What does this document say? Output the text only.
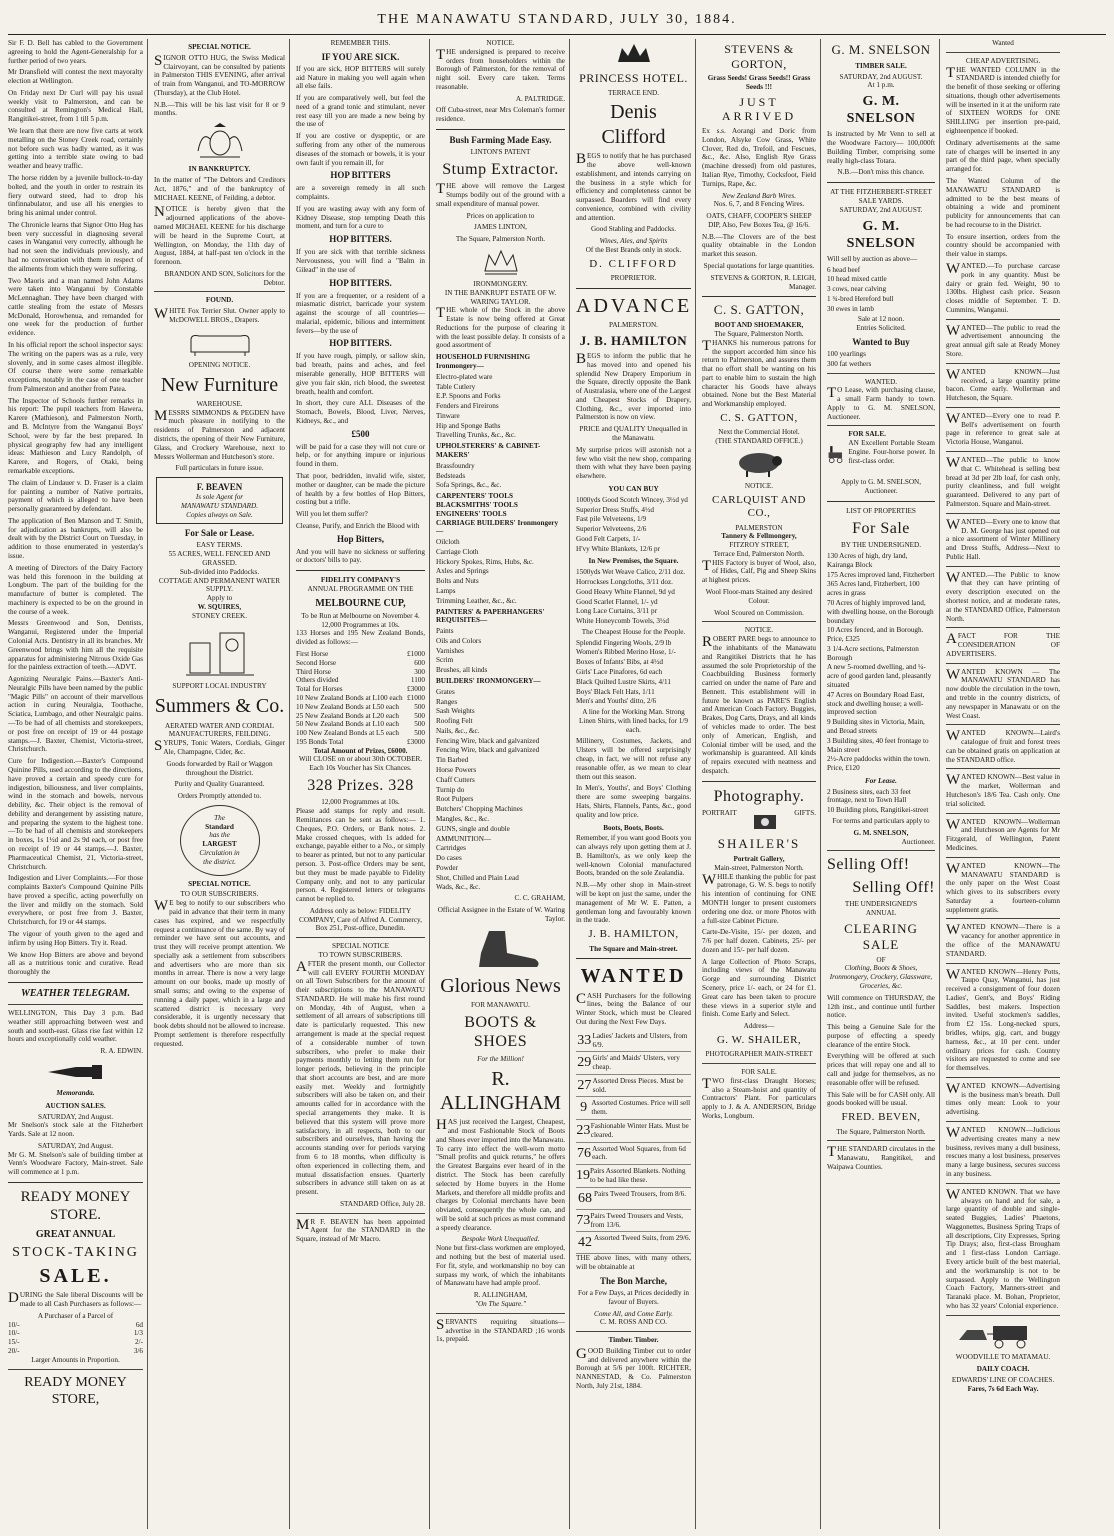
THE MANAWATU STANDARD, JULY 30, 1884.

Sir F. D. Bell has cabled to the Government agreeing to hold the Agent-Generalship for a further period of two years.

Mr Dransfield will contest the next mayoralty election at Wellington.

On Friday next Dr Curl will pay his usual weekly visit to Palmerston, and can be consulted at Remington's Medical Hall, Rangitikei-street, from 1 till 5 p.m.

We learn that there are now five carts at work metalling on the Stoney Creek road, certainly not before such was badly wanted, as it was getting into a terrible state owing to bad weather and heavy traffic.

The horse ridden by a juvenile bullock-to-day bolted, and the youth in order to restrain its fiery outward steed, had to drop his tinfinnabulator, and use all his energies to bring his animal under control.

The Chronicle learns that Signor Otto Hug has been very successful in diagnosing several cases in Wanganui very correctly, although he had not seen the individuals previously, and had no conversation with them in respect of the ailments from which they were suffering.

Two Maoris and a man named John Adams were taken into Wanganui by Constable McLennaghan. They have been charged with cattle stealing from the estate of Messrs McDonald, Horowhenua, and remanded for one week for the production of further evidence.

In his official report the school inspector says: The writing on the papers was as a rule, very slovenly, and in some cases almost illegible. Of course there were some remarkable exceptions, notably in the case of one teacher from Palmerston and another from Patea.

The Inspector of Schools further remarks in his report: The pupil teachers from Hawera, Karere (Mathieson), and Palmerston North, and B. McIntyre from the Wanganui Boys' School, were by far the best prepared. In physical geography few had any intelligent ideas: Mathieson and Lucy Randolph, of Karere, and Rogers, of Otaki, being remarkable exceptions.

The claim of Lindauer v. D. Fraser is a claim for painting a number of Native portraits, payment of which is alleged to have been personally guaranteed by defendant.

The application of Ben Manson and T. Smith, for adjudication as bankrupts, will also be dealt with by the District Court on Tuesday, in addition to those enumerated in yesterday's issue.

A meeting of Directors of the Dairy Factory was held this forenoon in the building at Longburn. The part of the building for the manufacture of butter is completed. The machinery is expected to be on the ground in the course of a week.

Messrs Greenwood and Son, Dentists, Wanganui, Registered under the Imperial Colonial Acts. Dentistry in all its branches. Mr Greenwood brings with him all the requisite apparatus for administering Nitrous Oxide Gas for the painless extraction of teeth.—ADVT.

Agonizing Neuralgic Pains.—Baxter's Anti-Neuralgic Pills have been named by the public "Magic Pills" on account of their marvellous action in curing Neuralgia, Toothache, Sciatica, Lumbago, and other Neuralgic pains.—To be had of all chemists and storekeepers, or post free on receipt of 19 or 44 postage stamps.—J. Baxter, Chemist, Victoria-street, Christchurch.

Cure for Indigestion.—Baxter's Compound Quinine Pills, used according to the directions, have proved a certain and speedy cure for indigestion, biliousness, and liver complaints, wind in the stomach and bowels, nervous debility, &c. Their object is the removal of debility and derangement by assisting nature, and preparing the system to the highest tone.—To be had of all chemists and storekeepers in boxes, 1s 1½d and 2s 9d each, or post free on receipt of 19 or 44 stamps.—J. Baxter, Pharmaceutical Chemist, 21, Victoria-street, Christchurch.

Indigestion and Liver Complaints.—For those complaints Baxter's Compound Quinine Pills have proved a specific, acting powerfully on the liver and mildly on the stomach. Sold everywhere, or post free from J. Baxter, Christchurch, for 19 or 44 stamps.

The vigour of youth given to the aged and infirm by using Hop Bitters. Try it. Read.

We know Hop Bitters are above and beyond all as a nutritious tonic and curative. Read thoroughly the

WEATHER TELEGRAM.

WELLINGTON, This Day 3 p.m. Bad weather still approaching between west and south and south-east. Glass rise fast within 12 hours and exceptionally cold weather.

R. A. EDWIN.

Memoranda.
AUCTION SALES.
SATURDAY, 2nd August.

Mr Snelson's stock sale at the Fitzherbert Yards. Sale at 12 noon.

SATURDAY, 2nd August.

Mr G. M. Snelson's sale of building timber at Venn's Woodware Factory, Main-street. Sale will commence at 1 p.m.

READY MONEY STORE.
GREAT ANNUAL
STOCK-TAKING
SALE.

DURING the Sale liberal Discounts will be made to all Cash Purchasers as follows:—

A Purchaser of a Parcel of
10/-	6d
10/-	1/3
15/-	2/-
20/-	3/6
Larger Amounts in Proportion.
READY MONEY STORE,
SPECIAL NOTICE.

SIGNOR OTTO HUG, the Swiss Medical Clairvoyant, can be consulted by patients in Palmerston THIS EVENING, after arrival of train from Wanganui, and TO-MORROW (Thursday), at the Club Hotel.

N.B.—This will be his last visit for 8 or 9 months.

IN BANKRUPTCY.

In the matter of "The Debtors and Creditors Act, 1876," and of the bankruptcy of MICHAEL KEENE, of Feilding, a debtor.

NOTICE is hereby given that the adjourned applications of the above-named MICHAEL KEENE for his discharge will be heard in the Supreme Court, at Wellington, on Monday, the 11th day of August, 1884, at half-past ten o'clock in the forenoon.

BRANDON AND SON, Solicitors for the Debtor.

FOUND.

WHITE Fox Terrier Slut. Owner apply to McDOWELL BROS., Drapers.

OPENING NOTICE.
New Furniture
WAREHOUSE.

MESSRS SIMMONDS & PEGDEN have much pleasure in notifying to the residents of Palmerston and adjacent districts, the opening of their New Furniture, Glass, and Crockery Warehouse, next to Messrs Wollerman and Hutcheson's store.

Full particulars in future issue.

F. BEAVEN
Is sole Agent for
MANAWATU STANDARD.
Copies always on Sale.
For Sale or Lease.
EASY TERMS.
55 ACRES, WELL FENCED AND GRASSED.
Sub-divided into Paddocks.
COTTAGE AND PERMANENT WATER SUPPLY.
Apply to
W. SQUIRES,
STONEY CREEK.
SUPPORT LOCAL INDUSTRY
Summers & Co.
AERATED WATER AND CORDIAL MANUFACTURERS, FEILDING.

SYRUPS, Tonic Waters, Cordials, Ginger Ale, Champagne, Cider, &c.

Goods forwarded by Rail or Waggon throughout the District.

Purity and Quality Guaranteed.

Orders Promptly attended to.

The
Standard
has the
LARGEST
Circulation in
the district.
SPECIAL NOTICE.
TO OUR SUBSCRIBERS.

WE beg to notify to our subscribers who paid in advance that their term in many cases has expired, and we respectfully request a continuance of the same. By way of reminder we have sent out accounts, and trust they will receive prompt attention. We specially ask a settlement from subscribers and advertisers who are more than six months in arrear. There is now a very large amount on our books, made up mostly of small sums; and owing to the expense of running a daily paper, which in a large and scattered district is necessary very considerable, it is urgently necessary that book debts should not be allowed to increase. Prompt settlement is therefore respectfully requested.

REMEMBER THIS.
IF YOU ARE SICK.

If you are sick, HOP BITTERS will surely aid Nature in making you well again when all else fails.

If you are comparatively well, but feel the need of a grand tonic and stimulant, never rest easy till you are made a new being by the use of

If you are costive or dyspeptic, or are suffering from any other of the numerous diseases of the stomach or bowels, it is your own fault if you remain ill, for

HOP BITTERS

are a sovereign remedy in all such complaints.

If you are wasting away with any form of Kidney Disease, stop tempting Death this moment, and turn for a cure to

HOP BITTERS.

If you are sick with that terrible sickness Nervousness, you will find a "Balm in Gilead" in the use of

HOP BITTERS.

If you are a frequenter, or a resident of a miasmatic district, barricade your system against the scourge of all countries—malarial, epidemic, bilious and intermittent fevers—by the use of

HOP BITTERS.

If you have rough, pimply, or sallow skin, bad breath, pains and aches, and feel miserable generally, HOP BITTERS will give you fair skin, rich blood, the sweetest breath, health and comfort.

In short, they cure ALL Diseases of the Stomach, Bowels, Blood, Liver, Nerves, Kidneys, &c., and

£500

will be paid for a case they will not cure or help, or for anything impure or injurious found in them.

That poor, bedridden, invalid wife, sister, mother or daughter, can be made the picture of health by a few bottles of Hop Bitters, costing but a trifle.

Will you let them suffer?

Cleanse, Purify, and Enrich the Blood with

Hop Bitters,

And you will have no sickness or suffering or doctors' bills to pay.

FIDELITY COMPANY'S
ANNUAL PROGRAMME ON THE
MELBOURNE CUP,
To be Run at Melbourne on November 4.
12,000 Programmes at 10s.

133 Horses and 195 New Zealand Bonds, divided as follows:—

First Horse	£1000
Second Horse	600
Third Horse	300
Others divided	1100
Total for Horses	£3000
10 New Zealand Bonds at L100 each £1000
10 New Zealand Bonds at L50 each 500
25 New Zealand Bonds at L20 each 500
50 New Zealand Bonds at L10 each 500
100 New Zealand Bonds at L5 each 500
195 Bonds Total	£3000
Total Amount of Prizes, £6000.
Will CLOSE on or about 30th OCTOBER.
Each 10s Voucher has Six Chances.
328 Prizes. 328
12,000 Programmes at 10s.

Please add stamps for reply and result. Remittances can be sent as follows:— 1. Cheques, P.O. Orders, or Bank notes. 2. Make crossed cheques, with 1s added for exchange, payable either to a No., or simply to bearer as printed, but not to any particular person. 3. Post-office Orders may be sent, but they must be made payable to Fidelity Company only, and not to any particular person. 4. Registered letters or telegrams cannot be replied to.

Address only as below: FIDELITY COMPANY, Care of Alfred A. Commercy, Box 251, Post-office, Dunedin.

SPECIAL NOTICE
TO TOWN SUBSCRIBERS.

AFTER the present month, our Collector will call EVERY FOURTH MONDAY on all Town Subscribers for the amount of their subscriptions to the MANAWATU STANDARD. He will make his first round on Monday, 4th of August, when a settlement of all arrears of subscriptions till date is particularly requested. This new arrangement is made at the special request of a considerable number of town subscribers, who prefer to make their payments monthly to letting them run for longer periods, believing in the principle that short accounts are best, and are more easily met. Weekly and fortnightly subscribers will also be taken on, and their amounts called for in accordance with the special arrangements they make. It is believed that this system will prove more satisfactory, in all respects, both to our subscribers and ourselves, than having the accounts standing over for periods varying from 6 to 18 months, when difficulty is often experienced in collecting them, and mutual dissatisfaction ensues. Quarterly subscribers in advance still taken on as at present.

STANDARD Office, July 28.

MR F. BEAVEN has been appointed Agent for the STANDARD in the Square, instead of Mr Macro.

NOTICE.

THE undersigned is prepared to receive orders from householders within the Borough of Palmerston, for the removal of night soil. Every care taken. Terms reasonable.

A. PALTRIDGE.

Off Cuba-street, near Mrs Coleman's former residence.

Bush Farming Made Easy.
LINTON'S PATENT
Stump Extractor.

THE above will remove the Largest Stumps bodily out of the ground with a small expenditure of manual power.

Prices on application to

JAMES LINTON,

The Square, Palmerston North.

IRONMONGERY.
IN THE BANKRUPT ESTATE OF W. WARING TAYLOR.

THE whole of the Stock in the above Estate is now being offered at Great Reductions for the purpose of clearing it with the least possible delay. It consists of a good assortment of

HOUSEHOLD FURNISHING Ironmongery—
Electro-plated ware
Table Cutlery
E.P. Spoons and Forks
Fenders and Fireirons
Tinware
Hip and Sponge Baths
Travelling Trunks, &c., &c.
UPHOLSTERERS' & CABINET-MAKERS'
Brassfoundry
Bedsteads
Sofa Springs, &c., &c.
CARPENTERS' TOOLS
BLACKSMITHS' TOOLS
ENGINEERS' TOOLS
CARRIAGE BUILDERS' Ironmongery—
Oilcloth
Carriage Cloth
Hickory Spokes, Rims, Hubs, &c.
Axles and Springs
Bolts and Nuts
Lamps
Trimming Leather, &c., &c.
PAINTERS' & PAPERHANGERS' REQUISITES—
Paints
Oils and Colors
Varnishes
Scrim
Brushes, all kinds
BUILDERS' IRONMONGERY—
Grates
Ranges
Sash Weights
Roofing Felt
Nails, &c., &c.
Fencing Wire, black and galvanized
Fencing Wire, black and galvanized
Tin Barbed
Horse Powers
Chaff Cutters
Turnip do
Root Pulpers
Butchers' Chopping Machines
Mangles, &c., &c.
GUNS, single and double
AMMUNITION—
Cartridges
Do cases
Powder
Shot, Chilled and Plain Lead
Wads, &c., &c.

C. C. GRAHAM,

Official Assignee in the Estate of W. Waring Taylor.

Glorious News
FOR MANAWATU.
BOOTS & SHOES
For the Million!
R. ALLINGHAM

HAS just received the Largest, Cheapest, and most Fashionable Stock of Boots and Shoes ever imported into the Manawatu. To carry into effect the well-worn motto "Small profits and quick returns," he offers the Greatest Bargains ever heard of in the district. The Stock has been carefully selected by Home buyers in the Home Markets, and therefore all middle profits and charges by Colonial merchants have been obviated, consequently the whole can, and will be sold at such prices as must command a speedy clearance.

Bespoke Work Unequalled.

None but first-class workmen are employed, and nothing but the best of material used. For fit, style, and workmanship no boy can surpass my work, of which the inhabitants of Manawatu have had ample proof.

R. ALLINGHAM,
"On The Square."

SERVANTS requiring situations—advertise in the STANDARD ;16 words 1s, prepaid.

PRINCESS HOTEL.
TERRACE END.
Denis Clifford

BEGS to notify that he has purchased the above well-known establishment, and intends carrying on the business in a style which for efficiency and completeness cannot be surpassed. Boarders will find every convenience, combined with civility and attention.

Good Stabling and Paddocks.

Wines, Ales, and Spirits
Of the Best Brands only in stock.
D. CLIFFORD
PROPRIETOR.
ADVANCE
PALMERSTON.
J. B. HAMILTON

BEGS to inform the public that he has moved into and opened his splendid New Drapery Emporium in the Square, directly opposite the Bank of Australasia, where one of the Largest and Cheapest Stocks of Drapery, Clothing, &c., ever imported into Palmerston is now on view.

PRICE and QUALITY Unequalled in the Manawatu.

My surprise prices will astonish not a few who visit the new shop, comparing them with what they have been paying elsewhere.

YOU CAN BUY
1000yds Good Scotch Wincey, 3½d yd
Superior Dress Stuffs, 4½d
Fast pile Velveteens, 1/9
Superior Velveteens, 2/6
Good Felt Carpets, 1/-
H'vy White Blankets, 12/6 pr
In New Premises, the Square.
1500yds Wet Weave Calico, 2/11 doz.
Horrockses Longcloths, 3/11 doz.
Good Heavy White Flannel, 9d yd
Good Scarlet Flannel, 1/- yd
Long Lace Curtains, 3/11 pr
White Honeycomb Towels, 3½d
The Cheapest House for the People.
Splendid Fingering Wools, 2/9 lb
Women's Ribbed Merino Hose, 1/-
Boxes of Infants' Bibs, at 4½d
Girls' Lace Pinafores, 6d each
Black Quilted Lustre Skirts, 4/11
Boys' Black Felt Hats, 1/11
Men's and Youths' ditto, 2/6

A line for the Working Man. Strong Linen Shirts, with lined backs, for 1/9 each.

Millinery, Costumes, Jackets, and Ulsters will be offered surprisingly cheap, in fact, we will not refuse any reasonable offer, as we mean to clear them out this season.

In Men's, Youths', and Boys' Clothing there are some sweeping bargains. Hats, Shirts, Flannels, Pants, &c., good quality and low price.

Boots, Boots, Boots.

Remember, if you want good Boots you can always rely upon getting them at J. B. Hamilton's, as we only keep the well-known Colonial manufactured Boots, branded on the sole Zealandia.

N.B.—My other shop in Main-street will be kept on just the same, under the management of Mr W. E. Patten, a gentleman long and favourably known in the trade.

J. B. HAMILTON,
The Square and Main-street.
WANTED

CASH Purchasers for the following lines, being the Balance of our Winter Stock, which must be Cleared Out during the Next Few Days.

33 Ladies' Jackets and Ulsters, from 6/9.
29 Girls' and Maids' Ulsters, very cheap.
27 Assorted Dress Pieces. Must be sold.
9 Assorted Costumes. Price will sell them.
23 Fashionable Winter Hats. Must be cleared.
76 Assorted Wool Squares, from 6d each.
19 Pairs Assorted Blankets. Nothing to be had like these.
68 Pairs Tweed Trousers, from 8/6.
73 Pairs Tweed Trousers and Vests, from 13/6.
42 Assorted Tweed Suits, from 29/6.

THE above lines, with many others, will be obtainable at

The Bon Marche,

For a Few Days, at Prices decidedly in favour of Buyers.

Come All, and Come Early.
C. M. ROSS AND CO.
Timber. Timber.

GOOD Building Timber cut to order and delivered anywhere within the Borough at 5/6 per 100ft. RICHTER, NANNESTAD, & Co. Palmerston North, July 21st, 1884.

STEVENS & GORTON,
Grass Seeds! Grass Seeds!! Grass Seeds !!!
JUST ARRIVED

Ex s.s. Aorangi and Doric from London, Alsyke Cow Grass, White Clover, Red do, Trefoil, and Fescues, &c., &c. Also, English Rye Grass (machine dressed) from old pastures, Italian Rye, Timothy, Cocksfoot, Field Turnips, Rape, &c.

New Zealand Barb Wires.

Nos. 6, 7, and 8 Fencing Wires.

OATS, CHAFF, COOPER'S SHEEP DIP, Also, Few Boxes Tea, @ 16/6.

N.B.—The Clovers are of the best quality obtainable in the London market this season.

Special quotations for large quantities.

STEVENS & GORTON, R. LEIGH, Manager.

C. S. GATTON,
BOOT AND SHOEMAKER,
The Square, Palmerston North.

THANKS his numerous patrons for the support accorded him since his return to Palmerston, and assures them that no effort shall be wanting on his part to enable him to sustain the high character his Goods have always obtained. None but the Best Material and Workmanship employed.

C. S. GATTON,
Next the Commercial Hotel.
(THE STANDARD OFFICE.)
NOTICE.
CARLQUIST AND CO.,
PALMERSTON
Tannery & Fellmongery,
FITZROY STREET,
Terrace End, Palmerston North.

THIS Factory is buyer of Wool, also, of Hides, Calf, Pig and Sheep Skins at highest prices.

Wool Floor-mats Stained any desired Colour.

Wool Scoured on Commission.

NOTICE.

ROBERT PARE begs to announce to the inhabitants of the Manawatu and Rangitikei Districts that he has assumed the sole Proprietorship of the Coachbuilding Business formerly carried on under the name of Pare and Bennett. This establishment will in future be known as PARE'S English and American Coach Factory. Buggies, Brakes, Dog Carts, Drays, and all kinds of vehicles made to order. The best only of American, English, and Colonial timber will be used, and the workmanship is guaranteed. All kinds of repairs executed with neatness and despatch.

Photography.
PORTRAIT	GIFTS.
SHAILER'S
Portrait Gallery,
Main-street, Palmerston North.

WHILE thanking the public for past patronage, G. W. S. begs to notify his intention of continuing for ONE MONTH longer to present customers ordering one doz. or more Photos with a full-size Cabinet Picture.

Carte-De-Visite, 15/- per dozen, and 7/6 per half dozen. Cabinets, 25/- per dozen and 15/- per half dozen.

A large Collection of Photo Scraps, including views of the Manawatu Gorge and surrounding District Scenery, price 1/- each, or 24 for £1. Great care has been taken to procure these views in a superior style and finish. Come Early and Select.

Address—
G. W. SHAILER,
PHOTOGRAPHER MAIN-STREET
FOR SALE.

TWO first-class Draught Horses; also a Steam-hoist and quantity of Contractors' Plant. For particulars apply to J. & A. ANDERSON, Bridge Works, Longburn.

G. M. SNELSON
TIMBER SALE.
SATURDAY, 2nd AUGUST.
At 1 p.m.
G. M. SNELSON

Is instructed by Mr Venn to sell at the Woodware Factory— 100,000ft Building Timber, comprising some really high-class Totara.

N.B.—Don't miss this chance.

AT THE FITZHERBERT-STREET SALE YARDS.
SATURDAY, 2nd AUGUST.
G. M. SNELSON
Will sell by auction as above—
6 head beef
10 head mixed cattle
3 cows, near calving
1 ¾-bred Hereford bull
30 ewes in lamb
Sale at 12 noon.
Entries Solicited.
Wanted to Buy
100 yearlings
300 fat wethers
WANTED.

TO Lease, with purchasing clause, a small Farm handy to town. Apply to G. M. SNELSON, Auctioneer.

FOR SALE.

AN Excellent Portable Steam Engine. Four-horse power. In first-class order.

Apply to G. M. SNELSON, Auctioneer.

LIST OF PROPERTIES
For Sale
BY THE UNDERSIGNED.
130 Acres of high, dry land, Kairanga Block
175 Acres improved land, Fitzherbert
365 Acres land, Fitzherbert, 100 acres in grass
70 Acres of highly improved land, with dwelling house, on the Borough boundary
10 Acres fenced, and in Borough. Price, £325
3 1/4-Acre sections, Palmerston Borough
A new 5-roomed dwelling, and ¼-acre of good garden land, pleasantly situated
47 Acres on Boundary Road East, stock and dwelling house; a well-improved section
9 Building sites in Victoria, Main, and Broad streets
3 Building sites, 40 feet frontage to Main street
2½-Acre paddocks within the town. Price, £120
For Lease.
2 Business sites, each 33 feet frontage, next to Town Hall
10 Building plots, Rangitikei-street

For terms and particulars apply to

G. M. SNELSON,
Auctioneer.
Selling Off!
Selling Off!
THE UNDERSIGNED'S
ANNUAL
CLEARING SALE
OF

Clothing, Boots & Shoes, Ironmongery, Crockery, Glassware, Groceries, &c.

Will commence on THURSDAY, the 12th inst., and continue until further notice.

This being a Genuine Sale for the purpose of effecting a speedy clearance of the entire Stock.

Everything will be offered at such prices that will repay one and all to call and judge for themselves, as no reasonable offer will be refused.

This Sale will be for CASH only. All goods booked will be usual.

FRED. BEVEN,
The Square, Palmerston North.

THE STANDARD circulates in the Manawatu, Rangitikei, and Waipawa Counties.

Wanted
CHEAP ADVERTISING.

THE WANTED COLUMN in the STANDARD is intended chiefly for the benefit of those seeking or offering situations, though other advertisements will be inserted in it at the uniform rate of SIXTEEN WORDS for ONE SHILLING per insertion pre-paid, eighteenpence if booked.

Ordinary advertisements at the same rate of charges will be inserted in any part of the third page, when specially arranged for.

The Wanted Column of the MANAWATU STANDARD is admitted to be the best means of obtaining a wide and prominent publicity for announcements that can be had recourse to in the District.

To ensure insertion, orders from the country should be accompanied with their value in stamps.

WANTED.—To purchase carcase pork in any quantity. Must be dairy or grain fed. Weight, 90 to 130lbs. Highest cash price. Season closes middle of September. T. D. Cummins, Wanganui.

WANTED—The public to read the advertisement announcing the great annual gift sale at Ready Money Store.

WANTED KNOWN—Just received, a large quantity prime bacon. Come early. Wollerman and Hutcheson, the Square.

WANTED—Every one to read P. Bell's advertisement on fourth page in reference to great sale at Victoria House, Wanganui.

WANTED—The public to know that C. Whitehead is selling best bread at 3d per 2lb loaf, for cash only, purity cleanliness, and full weight guaranteed. Delivered to any part of Palmerston. Square and Main-street.

WANTED—Every one to know that D. M. George has just opened out a nice assortment of Winter Millinery and Dress Stuffs, Address—Next to Public Hall.

WANTED.—The Public to know that they can have printing of every description executed on the shortest notice, and at moderate rates, at the STANDARD Office, Palmerston North.

AFACT FOR THE CONSIDERATION OF ADVERTISERS.

WANTED KNOWN — The MANAWATU STANDARD has now double the circulation in the town, and treble in the country districts, of any newspaper in Manawatu or on the West Coast.

WANTED KNOWN—Laird's catalogue of fruit and forest trees can be obtained gratis on application at the STANDARD office.

WANTED KNOWN—Best value in the market, Wollerman and Hutcheson's 18/6 Tea. Cash only. One trial solicited.

WANTED KNOWN—Wollerman and Hutcheson are Agents for Mr Fitzgerald, of Wellington, Patent Medicines.

WANTED KNOWN—The MANAWATU STANDARD is the only paper on the West Coast which gives to its subscribers every Saturday a fourteen-column supplement gratis.

WANTED KNOWN—There is a vacancy for another apprentice in the office of the MANAWATU STANDARD.

WANTED KNOWN—Henry Potts, Taupo Quay, Wanganui, has just received a consignment of four dozen Ladies', Gent's, and Boys' Riding Saddles, best makers. Inspection invited. Useful stockmen's saddles, from £2 15s. Long-necked spurs, bridles, whips, gig, cart, and buggy harness, &c., at 10 per cent. under ordinary prices for cash. Country visitors are requested to come and see for themselves.

WANTED KNOWN—Advertising is the business man's breath. Dull times only mean: Look to your advertising.

WANTED KNOWN—Judicious advertising creates many a new business, revives many a dull business, rescues many a lost business, preserves many a large business, secures success in any business.

WANTED KNOWN. That we have always on hand and for sale, a large quantity of double and single-seated Buggies, Ladies' Phaetons, Waggonettes, Business Spring Traps of all descriptions, City Expresses, Spring Tip Drays; also, first-class Brougham and 1 first-class London Carriage. Every article built of the best material, and the workmanship is not to be surpassed. Apply to the Wellington Coach Factory, Manners-street and Taranaki place. M. Bohan, Proprietor, who has 32 years' Colonial experience.

WOODVILLE TO MATAMAU.
DAILY COACH.
EDWARDS' LINE OF COACHES.
Fares, 7s 6d Each Way.
